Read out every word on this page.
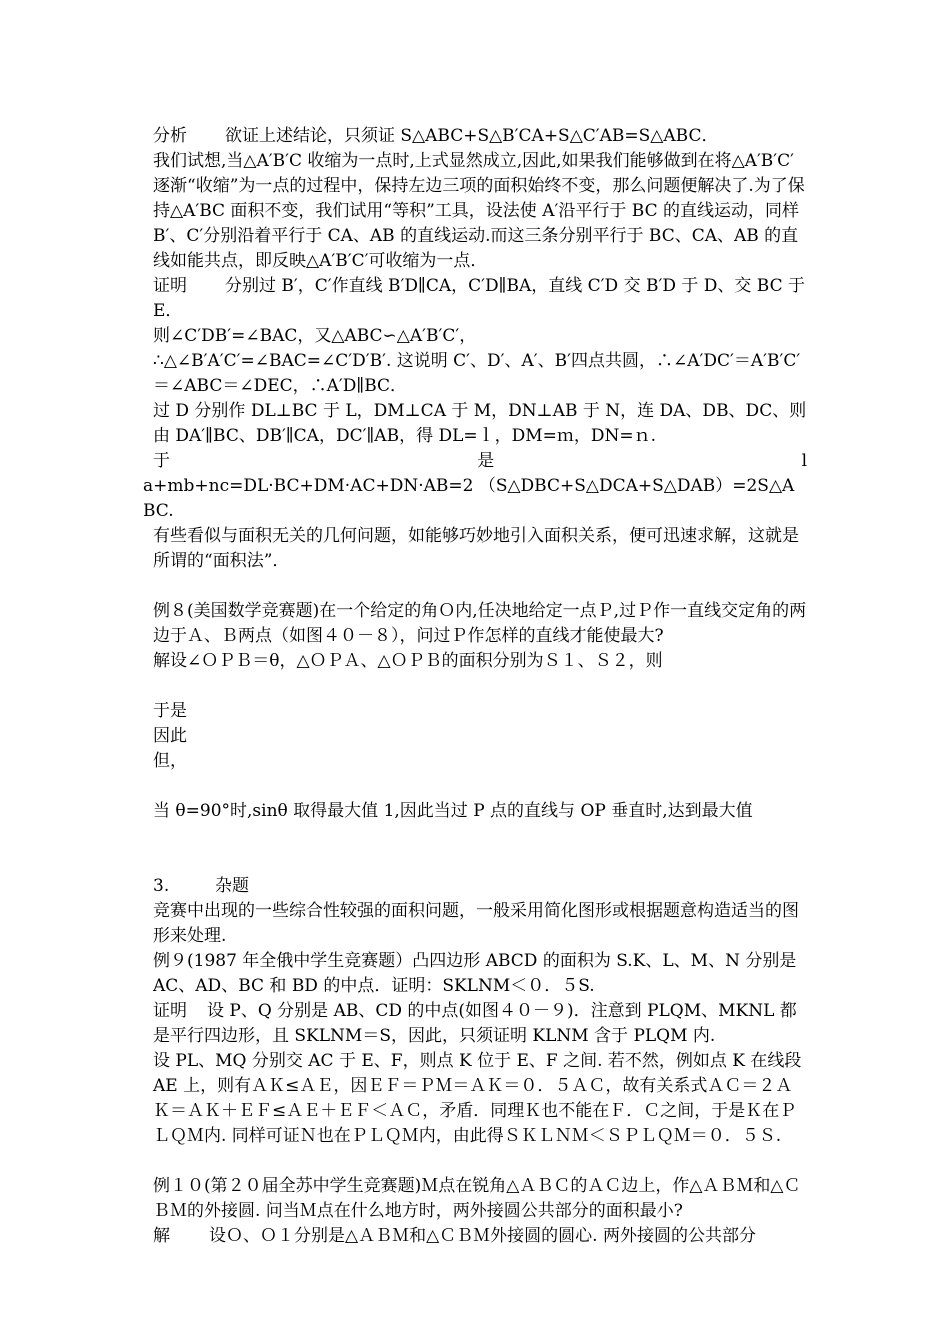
分析 欲证上述结论，只须证 S△ABC+S△B′CA+S△C′AB=S△ABC．

我们试想,当△A′B′C 收缩为一点时,上式显然成立,因此,如果我们能够做到在将△A′B′C′逐渐“收缩”为一点的过程中，保持左边三项的面积始终不变，那么问题便解决了.为了保持△A′BC 面积不变，我们试用“等积”工具，设法使 A′沿平行于 BC 的直线运动，同样 B′、C′分别沿着平行于 CA、AB 的直线运动.而这三条分别平行于 BC、CA、AB 的直线如能共点，即反映△A′B′C′可收缩为一点．

证明 分别过 B′，C′作直线 B′D∥CA，C′D∥BA，直线 C′D 交 B′D 于 D、交 BC 于 E．

则∠C′DB′=∠BAC，又△ABC∽△A′B′C′，

∴△∠B′A′C′=∠BAC=∠C′D′B′. 这说明 C′、D′、A′、B′四点共圆，∴∠A′DC′＝A′B′C′＝∠ABC＝∠DEC，∴A′D∥BC．

过 D 分别作 DL⊥BC 于 L，DM⊥CA 于 M，DN⊥AB 于 N，连 DA、DB、DC、则由 DA′∥BC、DB′∥CA，DC′∥AB，得 DL=ｌ，DM=ｍ，DN=ｎ.

于	是	l

a+mb+nc=DL·BC+DM·AC+DN·AB=2 （S△DBC+S△DCA+S△DAB）=2S△ABC.

有些看似与面积无关的几何问题，如能够巧妙地引入面积关系，便可迅速求解，这就是所谓的“面积法”．

例８(美国数学竞赛题)在一个给定的角Ｏ内,任决地给定一点Ｐ,过Ｐ作一直线交定角的两边于Ａ、Ｂ两点（如图４０－８），问过Ｐ作怎样的直线才能使最大?

解设∠ＯＰＢ＝θ，△ＯＰＡ、△ＯＰＢ的面积分别为Ｓ１、Ｓ２，则

于是

因此

但，

当 θ=90°时,sinθ 取得最大值 1,因此当过 P 点的直线与 OP 垂直时,达到最大值

3.	杂题

竞赛中出现的一些综合性较强的面积问题，一般采用简化图形或根据题意构造适当的图形来处理.

例９(1987 年全俄中学生竞赛题）凸四边形 ABCD 的面积为 S.K、L、M、N 分别是 AC、AD、BC 和 BD 的中点．证明：SKLNM＜０．５S.

证明 设 P、Q 分别是 AB、CD 的中点(如图４０－９)．注意到 PLQM、MKNL 都是平行四边形，且 SKLNM＝S，因此，只须证明 KLNM 含于 PLQM 内.

设 PL、MQ 分别交 AC 于 E、F，则点 K 位于 E、F 之间. 若不然，例如点 K 在线段 AE 上，则有ＡＫ≤ＡＥ，因ＥＦ＝ＰＭ＝ＡＫ＝０．５ＡＣ，故有关系式ＡＣ＝２ＡＫ＝ＡＫ＋ＥＦ≤ＡＥ＋ＥＦ＜ＡＣ，矛盾．同理Ｋ也不能在Ｆ．Ｃ之间，于是Ｋ在ＰＬＱＭ内. 同样可证Ｎ也在ＰＬＱＭ内，由此得ＳＫＬＮＭ＜ＳＰＬＱＭ＝０．５Ｓ.

例１０(第２０届全苏中学生竞赛题)Ｍ点在锐角△ＡＢＣ的ＡＣ边上，作△ＡＢＭ和△ＣＢＭ的外接圆. 问当Ｍ点在什么地方时，两外接圆公共部分的面积最小?

解 设Ｏ、Ｏ１分别是△ＡＢＭ和△ＣＢＭ外接圆的圆心. 两外接圆的公共部分
